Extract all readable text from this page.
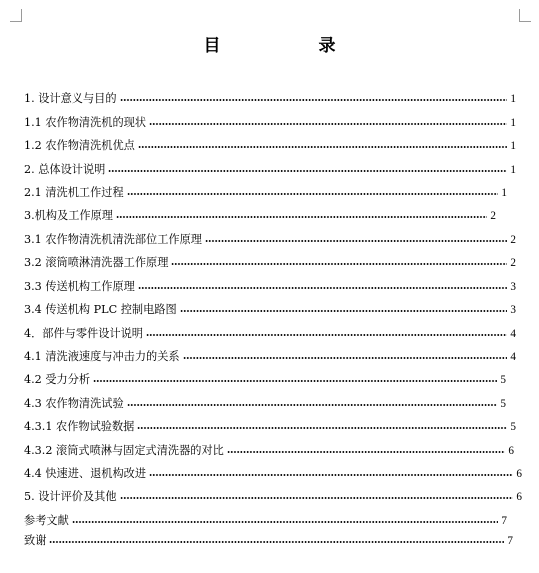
目 录
1. 设计意义与目的	1
1.1 农作物清洗机的现状	1
1.2 农作物清洗机优点	1
2. 总体设计说明	1
2.1 清洗机工作过程	1
3.机构及工作原理	2
3.1 农作物清洗机清洗部位工作原理	2
3.2 滚筒喷淋清洗器工作原理	2
3.3 传送机构工作原理	3
3.4 传送机构 PLC 控制电路图	3
4．部件与零件设计说明	4
4.1 清洗液速度与冲击力的关系	4
4.2 受力分析	5
4.3 农作物清洗试验	5
4.3.1 农作物试验数据	5
4.3.2 滚筒式喷淋与固定式清洗器的对比	6
4.4 快速进、退机构改进	6
5. 设计评价及其他	6
参考文献	7
致谢	7
